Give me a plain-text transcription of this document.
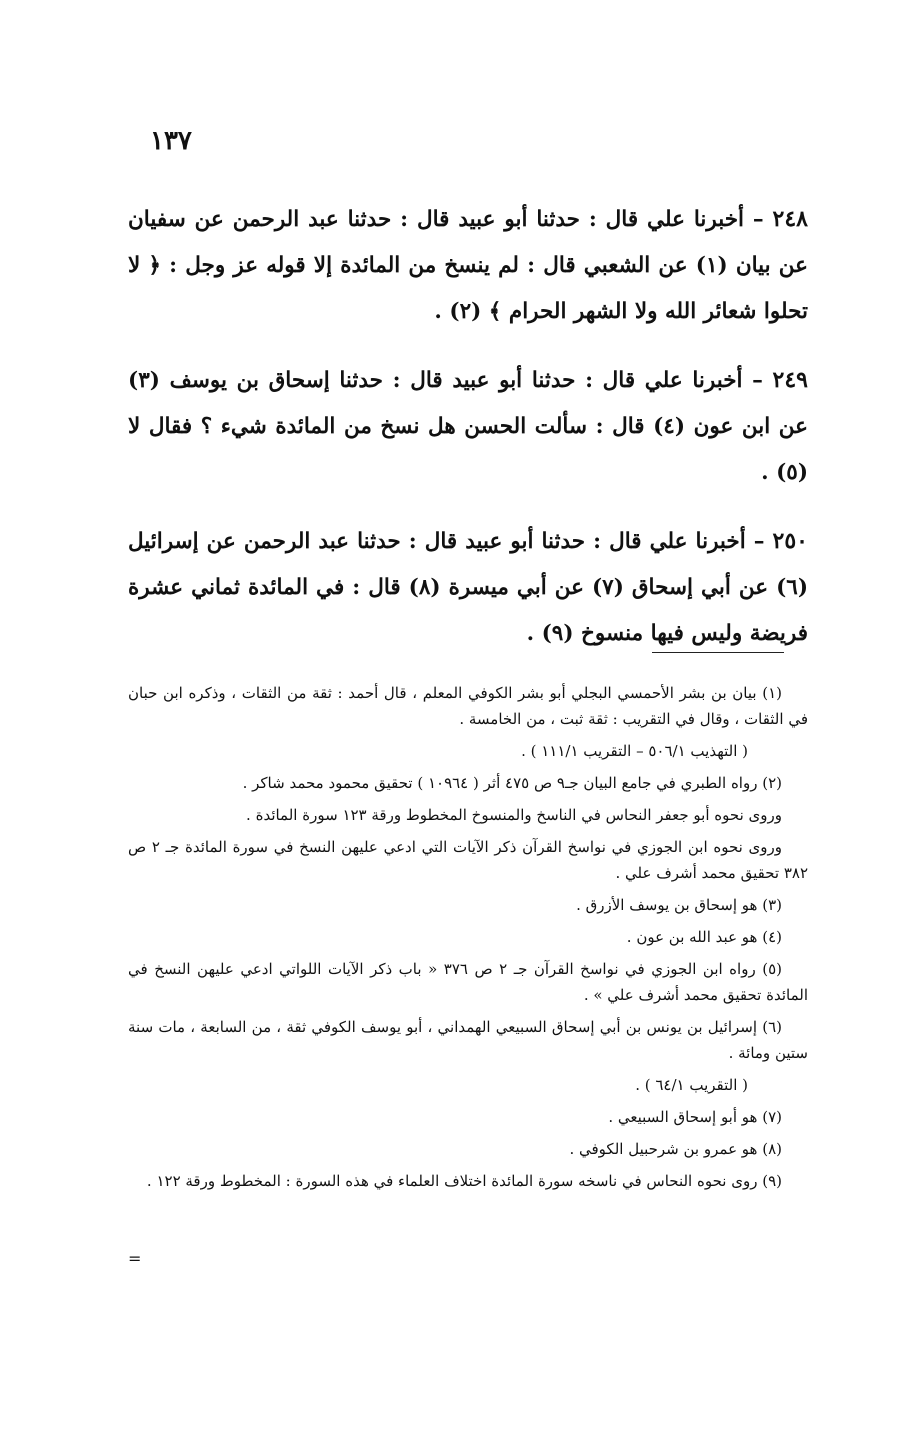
١٣٧

٢٤٨ – أخبرنا علي قال : حدثنا أبو عبيد قال : حدثنا عبد الرحمن عن سفيان عن بيان (١) عن الشعبي قال : لم ينسخ من المائدة إلا قوله عز وجل : ﴿ لا تحلوا شعائر الله ولا الشهر الحرام ﴾ (٢) .

٢٤٩ – أخبرنا علي قال : حدثنا أبو عبيد قال : حدثنا إسحاق بن يوسف (٣) عن ابن عون (٤) قال : سألت الحسن هل نسخ من المائدة شيء ؟ فقال لا (٥) .

٢٥٠ – أخبرنا علي قال : حدثنا أبو عبيد قال : حدثنا عبد الرحمن عن إسرائيل (٦) عن أبي إسحاق (٧) عن أبي ميسرة (٨) قال : في المائدة ثماني عشرة فريضة وليس فيها منسوخ (٩) .

(١) بيان بن بشر الأحمسي البجلي أبو بشر الكوفي المعلم ، قال أحمد : ثقة من الثقات ، وذكره ابن حبان في الثقات ، وقال في التقريب : ثقة ثبت ، من الخامسة .

( التهذيب ٥٠٦/١ – التقريب ١١١/١ ) .

(٢) رواه الطبري في جامع البيان جـ٩ ص ٤٧٥ أثر ( ١٠٩٦٤ ) تحقيق محمود محمد شاكر .

وروى نحوه أبو جعفر النحاس في الناسخ والمنسوخ المخطوط ورقة ١٢٣ سورة المائدة .

وروى نحوه ابن الجوزي في نواسخ القرآن ذكر الآيات التي ادعي عليهن النسخ في سورة المائدة جـ ٢ ص ٣٨٢ تحقيق محمد أشرف علي .

(٣) هو إسحاق بن يوسف الأزرق .

(٤) هو عبد الله بن عون .

(٥) رواه ابن الجوزي في نواسخ القرآن جـ ٢ ص ٣٧٦ « باب ذكر الآيات اللواتي ادعي عليهن النسخ في المائدة تحقيق محمد أشرف علي » .

(٦) إسرائيل بن يونس بن أبي إسحاق السبيعي الهمداني ، أبو يوسف الكوفي ثقة ، من السابعة ، مات سنة ستين ومائة .

( التقريب ٦٤/١ ) .

(٧) هو أبو إسحاق السبيعي .

(٨) هو عمرو بن شرحبيل الكوفي .

(٩) روى نحوه النحاس في ناسخه سورة المائدة اختلاف العلماء في هذه السورة : المخطوط ورقة ١٢٢ .

=
